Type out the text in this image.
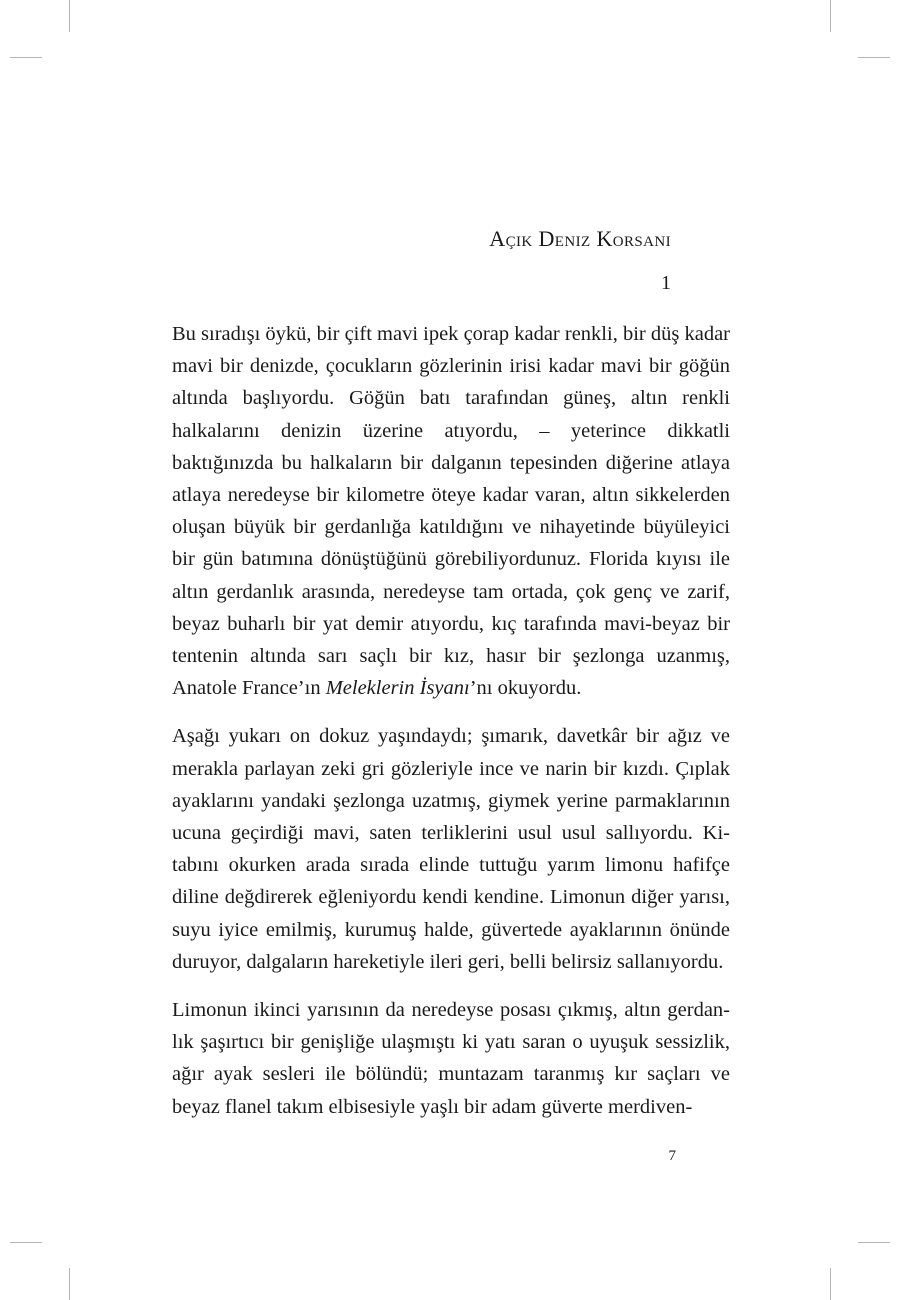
Açık Deniz Korsanı
1

Bu sıradışı öykü, bir çift mavi ipek çorap kadar renkli, bir düş kadar mavi bir denizde, çocukların gözlerinin irisi kadar mavi bir göğün altında başlıyordu. Göğün batı tarafından güneş, altın renkli halkalarını denizin üzerine atıyordu, – yeterince dikkatli baktığınızda bu halkaların bir dalganın tepesinden diğerine atlaya atlaya neredeyse bir kilometre öteye kadar varan, altın sikkelerden oluşan büyük bir gerdanlığa katıldığını ve nihayetinde büyüleyici bir gün batımına dönüştüğünü görebiliyordunuz. Florida kıyısı ile altın gerdanlık arasında, neredeyse tam ortada, çok genç ve zarif, beyaz buharlı bir yat demir atıyordu, kıç tarafında mavi-beyaz bir tentenin altında sarı saçlı bir kız, hasır bir şezlonga uzanmış, Anatole France’ın Meleklerin İsyanı’nı okuyordu.

Aşağı yukarı on dokuz yaşındaydı; şımarık, davetkâr bir ağız ve merakla parlayan zeki gri gözleriyle ince ve narin bir kızdı. Çıplak ayaklarını yandaki şezlonga uzatmış, giymek yerine parmaklarının ucuna geçirdiği mavi, saten terliklerini usul usul sallıyordu. Kitabını okurken arada sırada elinde tuttuğu yarım limonu hafifçe diline değdirerek eğleniyordu kendi kendine. Limonun diğer yarısı, suyu iyice emilmiş, kurumuş halde, güvertede ayaklarının önünde duruyor, dalgaların hareketiyle ileri geri, belli belirsiz sallanıyordu.

Limonun ikinci yarısının da neredeyse posası çıkmış, altın gerdanlık şaşırtıcı bir genişliğe ulaşmıştı ki yatı saran o uyuşuk sessizlik, ağır ayak sesleri ile bölündü; muntazam taranmış kır saçları ve beyaz flanel takım elbisesiyle yaşlı bir adam güverte merdiven-

7
